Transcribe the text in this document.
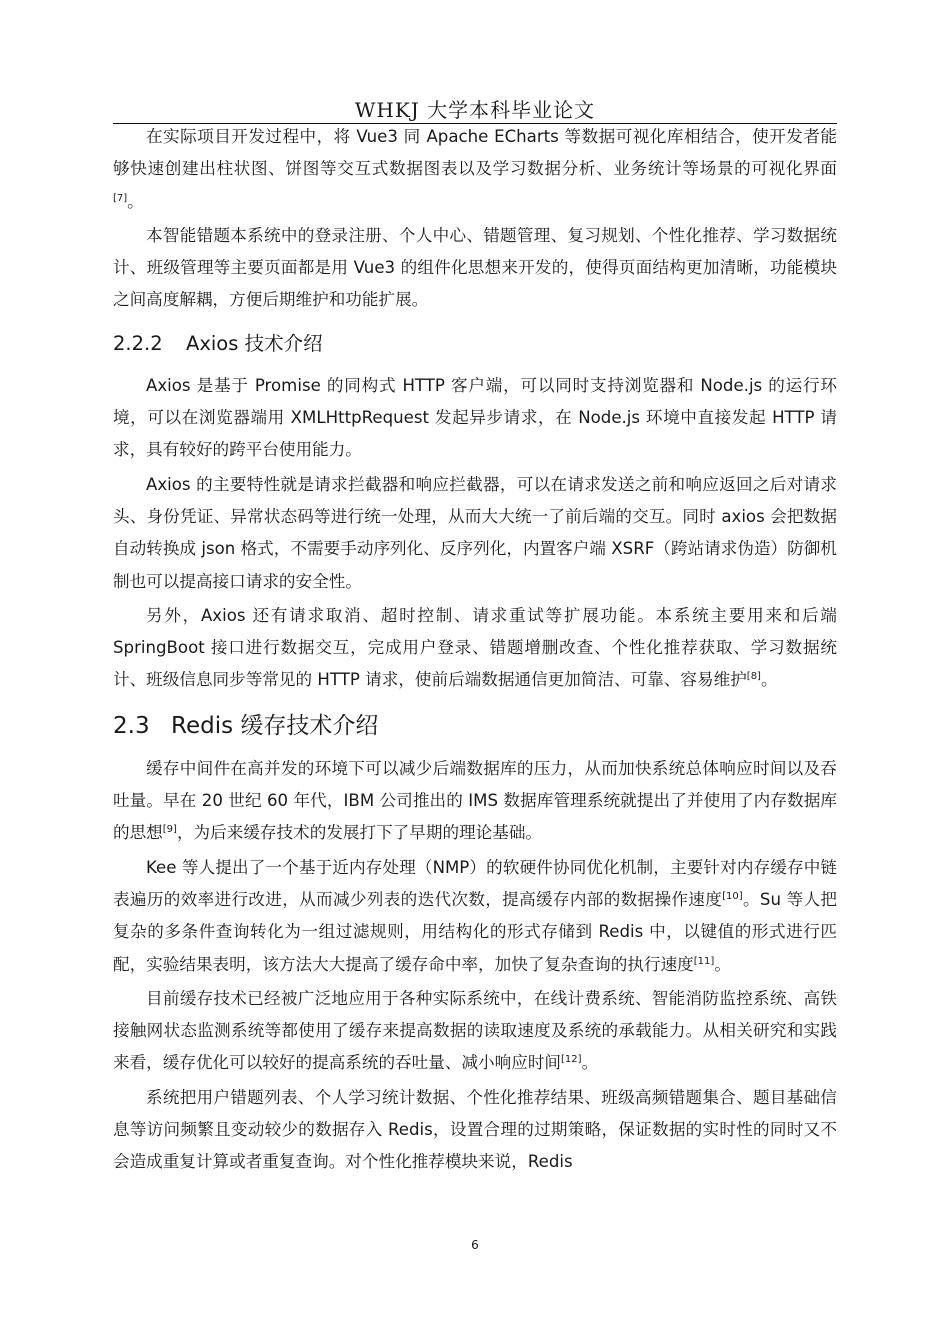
WHKJ 大学本科毕业论文

在实际项目开发过程中，将 Vue3 同 Apache ECharts 等数据可视化库相结合，使开发者能够快速创建出柱状图、饼图等交互式数据图表以及学习数据分析、业务统计等场景的可视化界面[7]。

本智能错题本系统中的登录注册、个人中心、错题管理、复习规划、个性化推荐、学习数据统计、班级管理等主要页面都是用 Vue3 的组件化思想来开发的，使得页面结构更加清晰，功能模块之间高度解耦，方便后期维护和功能扩展。

2.2.2 Axios 技术介绍

Axios 是基于 Promise 的同构式 HTTP 客户端，可以同时支持浏览器和 Node.js 的运行环境，可以在浏览器端用 XMLHttpRequest 发起异步请求，在 Node.js 环境中直接发起 HTTP 请求，具有较好的跨平台使用能力。

Axios 的主要特性就是请求拦截器和响应拦截器，可以在请求发送之前和响应返回之后对请求头、身份凭证、异常状态码等进行统一处理，从而大大统一了前后端的交互。同时 axios 会把数据自动转换成 json 格式，不需要手动序列化、反序列化，内置客户端 XSRF（跨站请求伪造）防御机制也可以提高接口请求的安全性。

另外，Axios 还有请求取消、超时控制、请求重试等扩展功能。本系统主要用来和后端 SpringBoot 接口进行数据交互，完成用户登录、错题增删改查、个性化推荐获取、学习数据统计、班级信息同步等常见的 HTTP 请求，使前后端数据通信更加简洁、可靠、容易维护[8]。

2.3 Redis 缓存技术介绍

缓存中间件在高并发的环境下可以减少后端数据库的压力，从而加快系统总体响应时间以及吞吐量。早在 20 世纪 60 年代，IBM 公司推出的 IMS 数据库管理系统就提出了并使用了内存数据库的思想[9]，为后来缓存技术的发展打下了早期的理论基础。

Kee 等人提出了一个基于近内存处理（NMP）的软硬件协同优化机制，主要针对内存缓存中链表遍历的效率进行改进，从而减少列表的迭代次数，提高缓存内部的数据操作速度[10]。Su 等人把复杂的多条件查询转化为一组过滤规则，用结构化的形式存储到 Redis 中，以键值的形式进行匹配，实验结果表明，该方法大大提高了缓存命中率，加快了复杂查询的执行速度[11]。

目前缓存技术已经被广泛地应用于各种实际系统中，在线计费系统、智能消防监控系统、高铁接触网状态监测系统等都使用了缓存来提高数据的读取速度及系统的承载能力。从相关研究和实践来看，缓存优化可以较好的提高系统的吞吐量、减小响应时间[12]。

系统把用户错题列表、个人学习统计数据、个性化推荐结果、班级高频错题集合、题目基础信息等访问频繁且变动较少的数据存入 Redis，设置合理的过期策略，保证数据的实时性的同时又不会造成重复计算或者重复查询。对个性化推荐模块来说，Redis

6
